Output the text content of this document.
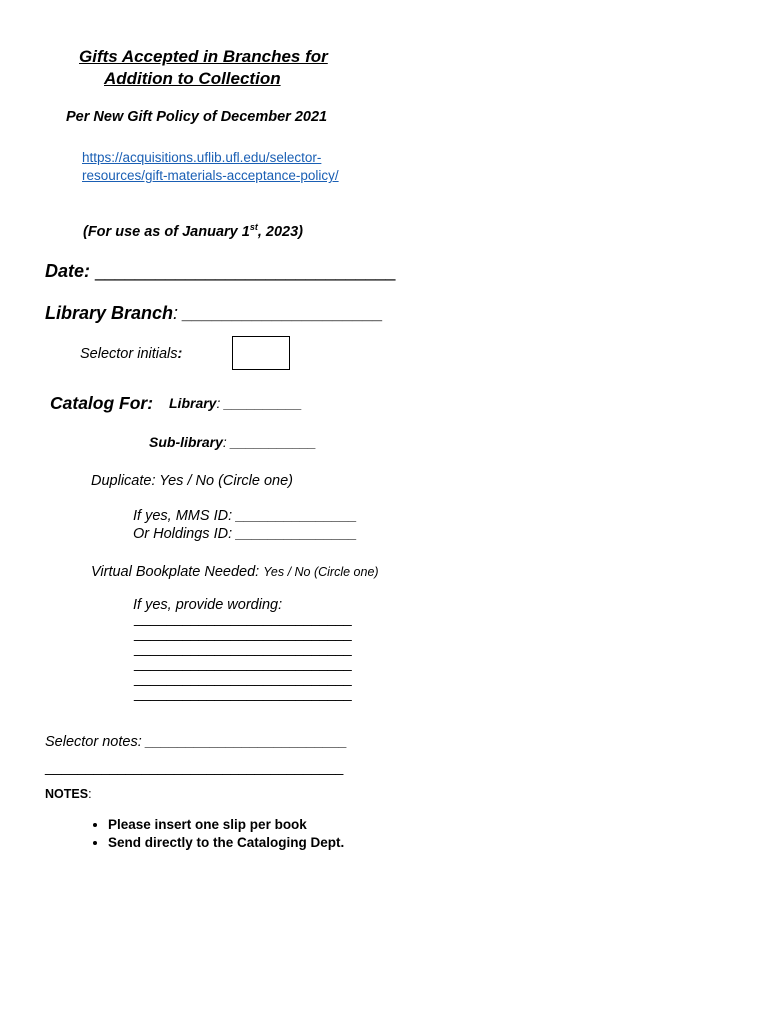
Gifts Accepted in Branches for
Addition to Collection
Per New Gift Policy of December 2021
https://acquisitions.uflib.ufl.edu/selector-
resources/gift-materials-acceptance-policy/
(For use as of January 1st, 2023)
Date: ______________________________
Library Branch: ____________________
Selector initials:
Catalog For: Library: __________
Sub-library: ___________
Duplicate: Yes / No (Circle one)
If yes, MMS ID: _______________
Or Holdings ID: _______________
Virtual Bookplate Needed: Yes / No (Circle one)
If yes, provide wording:
___________________________
___________________________
___________________________
___________________________
___________________________
___________________________
Selector notes: _________________________
_____________________________________
NOTES:
• Please insert one slip per book
• Send directly to the Cataloging Dept.
